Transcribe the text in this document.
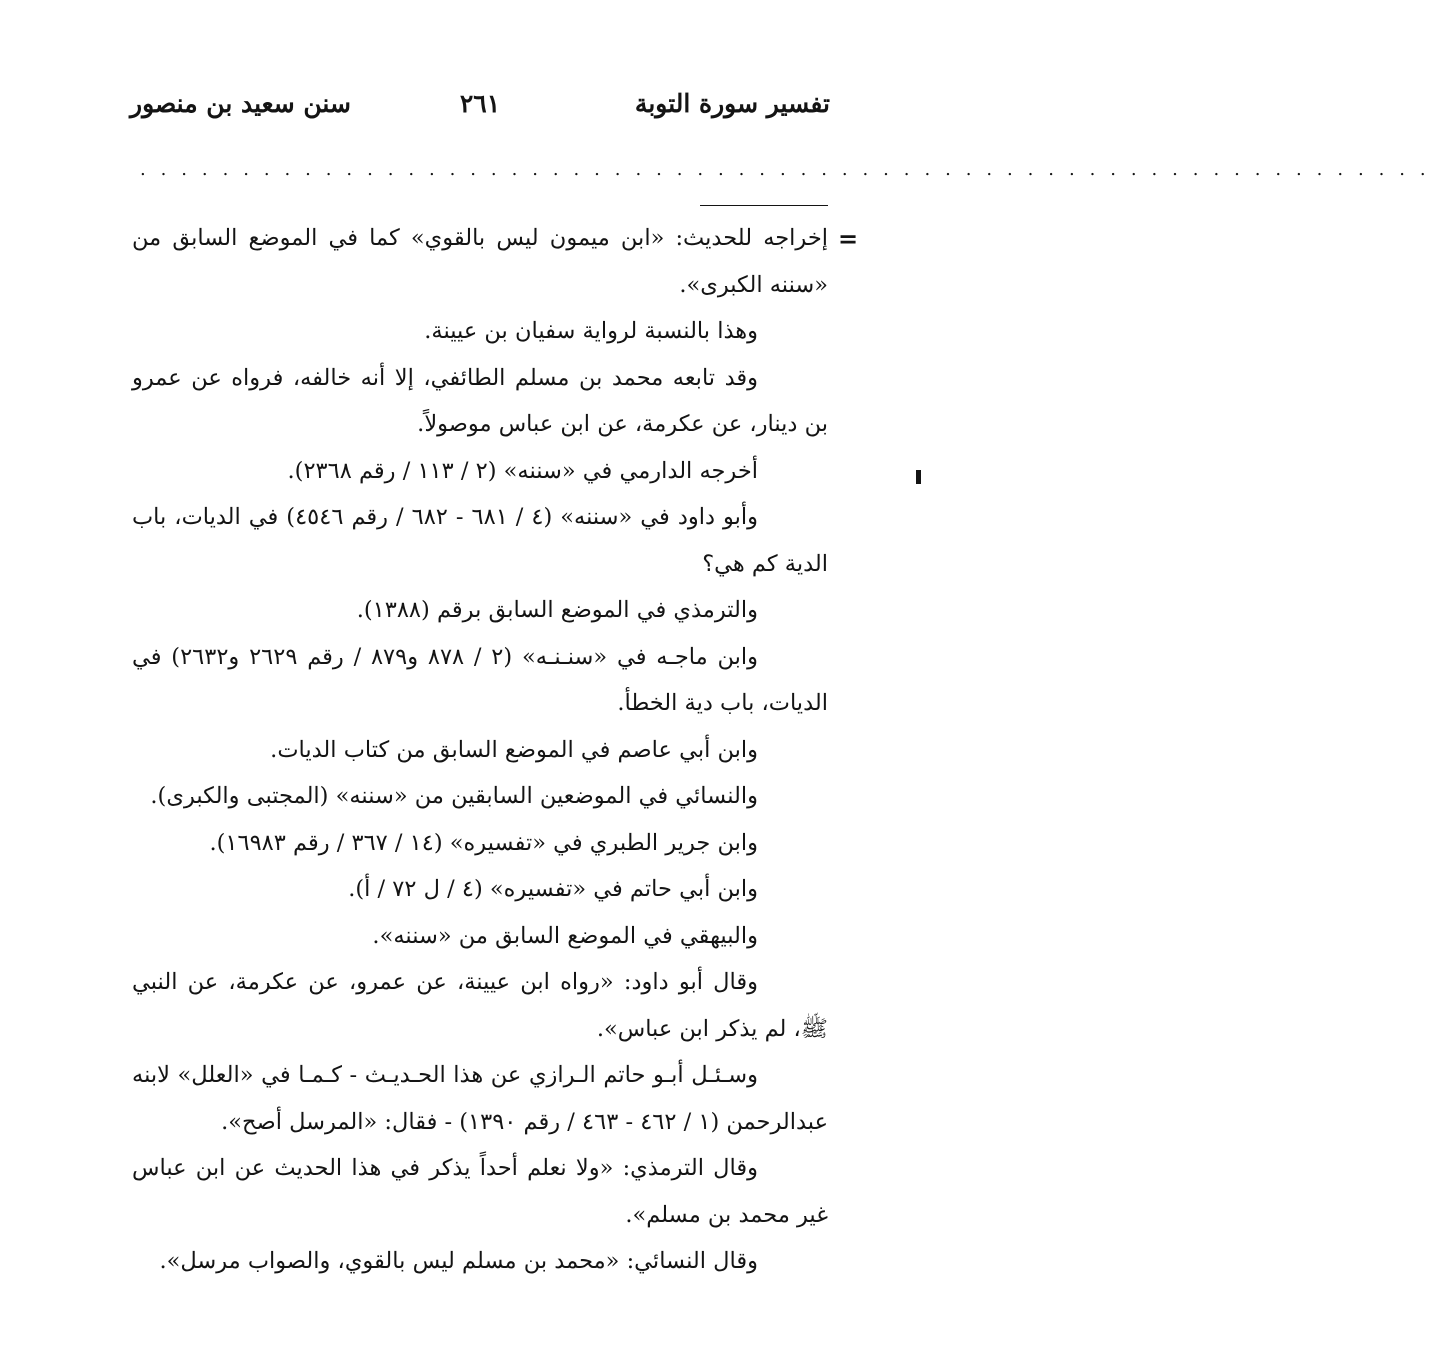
تفسير سورة التوبة
٢٦١
سنن سعيد بن منصور
. . . . . . . . . . . . . . . . . . . . . . . . . . . . . . . . . . . . . . . . . . . . . . . . . . . . . . . . . . . . . . .
=

إخراجه للحديث: «ابن ميمون ليس بالقوي» كما في الموضع السابق من «سننه الكبرى».

وهذا بالنسبة لرواية سفيان بن عيينة.

وقد تابعه محمد بن مسلم الطائفي، إلا أنه خالفه، فرواه عن عمرو بن دينار، عن عكرمة، عن ابن عباس موصولاً.

أخرجه الدارمي في «سننه» (٢ / ١١٣ / رقم ٢٣٦٨).

وأبو داود في «سننه» (٤ / ٦٨١ - ٦٨٢ / رقم ٤٥٤٦) في الديات، باب الدية كم هي؟

والترمذي في الموضع السابق برقم (١٣٨٨).

وابن ماجـه في «سنـنـه» (٢ / ٨٧٨ و٨٧٩ / رقم ٢٦٢٩ و٢٦٣٢) في الديات، باب دية الخطأ.

وابن أبي عاصم في الموضع السابق من كتاب الديات.

والنسائي في الموضعين السابقين من «سننه» (المجتبى والكبرى).

وابن جرير الطبري في «تفسيره» (١٤ / ٣٦٧ / رقم ١٦٩٨٣).

وابن أبي حاتم في «تفسيره» (٤ / ل ٧٢ / أ).

والبيهقي في الموضع السابق من «سننه».

وقال أبو داود: «رواه ابن عيينة، عن عمرو، عن عكرمة، عن النبي ﷺ، لم يذكر ابن عباس».

وسـئـل أبـو حاتم الـرازي عن هذا الحـديـث - كـمـا في «العلل» لابنه عبدالرحمن (١ / ٤٦٢ - ٤٦٣ / رقم ١٣٩٠) - فقال: «المرسل أصح».

وقال الترمذي: «ولا نعلم أحداً يذكر في هذا الحديث عن ابن عباس غير محمد بن مسلم».

وقال النسائي: «محمد بن مسلم ليس بالقوي، والصواب مرسل».
